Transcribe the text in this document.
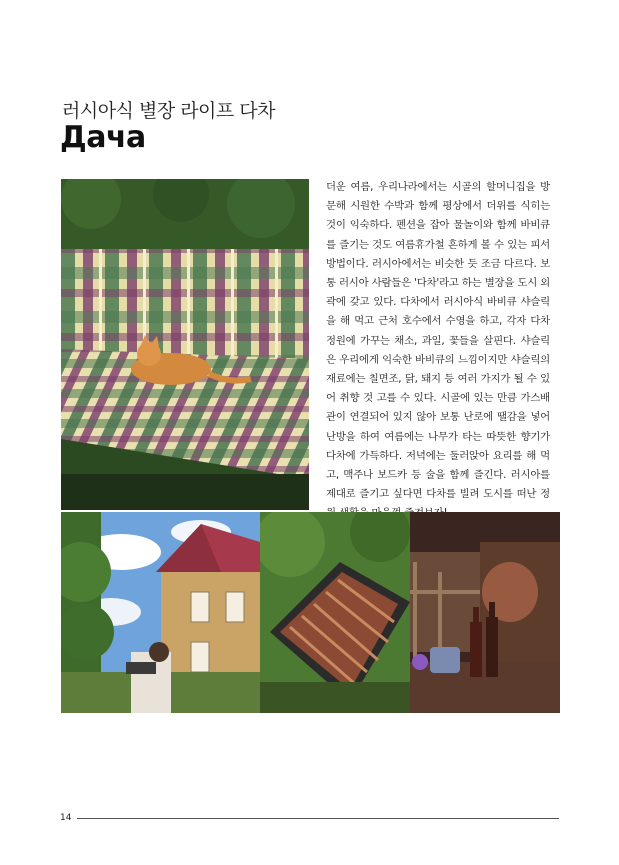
러시아식 별장 라이프 다차
Дача

더운 여름, 우리나라에서는 시골의 할머니집을 방문해 시원한 수박과 함께 평상에서 더위를 식히는 것이 익숙하다. 펜션을 잡아 물놀이와 함께 바비큐를 즐기는 것도 여름휴가철 흔하게 볼 수 있는 피서 방법이다. 러시아에서는 비슷한 듯 조금 다르다. 보통 러시아 사람들은 '다차'라고 하는 별장을 도시 외곽에 갖고 있다. 다차에서 러시아식 바비큐 샤슬릭을 해 먹고 근처 호수에서 수영을 하고, 각자 다차 정원에 가꾸는 채소, 과일, 꽃들을 살핀다. 샤슬릭은 우리에게 익숙한 바비큐의 느낌이지만 샤슬릭의 재료에는 칠면조, 닭, 돼지 등 여러 가지가 될 수 있어 취향 것 고를 수 있다. 시골에 있는 만큼 가스배관이 연결되어 있지 않아 보통 난로에 땔감을 넣어 난방을 하여 여름에는 나무가 타는 따뜻한 향기가 다차에 가득하다. 저녁에는 둘러앉아 요리를 해 먹고, 맥주나 보드카 등 술을 함께 즐긴다. 러시아를 제대로 즐기고 싶다면 다차를 빌려 도시를 떠난 정

14
